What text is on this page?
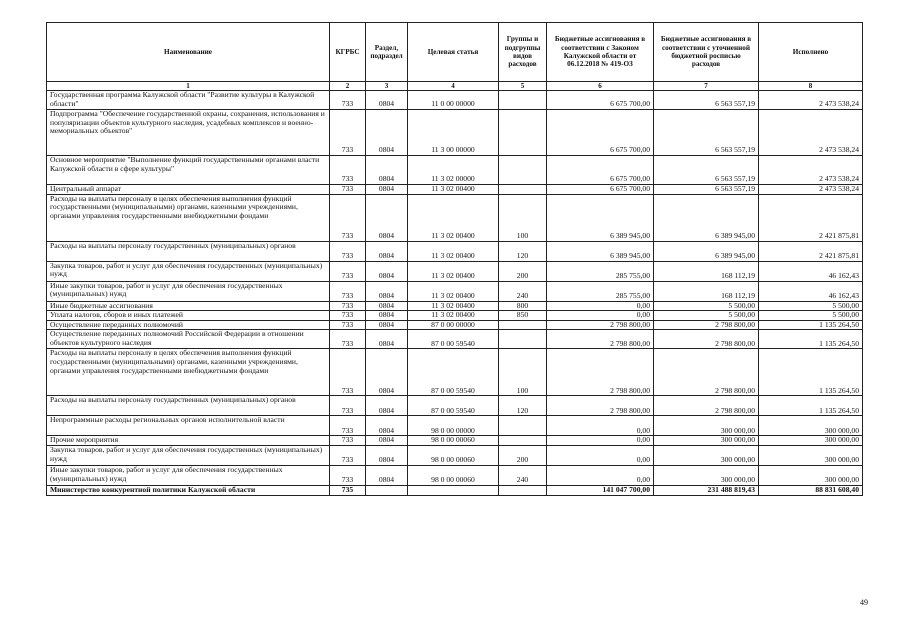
Наименование	КГРБС	Раздел, подраздел	Целевая статья	Группы и подгруппы видов расходов	Бюджетные ассигнования в соответствии с Законом Калужской области от 06.12.2018 № 419-ОЗ	Бюджетные ассигнования в соответствии с уточненной бюджетной росписью расходов	Исполнено
1	2	3	4	5	6	7	8
Государственная программа Калужской области "Развитие культуры в Калужской области"	733	0804	11 0 00 00000		6 675 700,00	6 563 557,19	2 473 538,24
Подпрограмма "Обеспечение государственной охраны, сохранения, использования и популяризации объектов культурного наследия, усадебных комплексов и военно-мемориальных объектов"	733	0804	11 3 00 00000		6 675 700,00	6 563 557,19	2 473 538,24
Основное мероприятие "Выполнение функций государственными органами власти Калужской области в сфере культуры"	733	0804	11 3 02 00000		6 675 700,00	6 563 557,19	2 473 538,24
Центральный аппарат	733	0804	11 3 02 00400		6 675 700,00	6 563 557,19	2 473 538,24
Расходы на выплаты персоналу в целях обеспечения выполнения функций государственными (муниципальными) органами, казенными учреждениями, органами управления государственными внебюджетными фондами	733	0804	11 3 02 00400	100	6 389 945,00	6 389 945,00	2 421 875,81
Расходы на выплаты персоналу государственных (муниципальных) органов	733	0804	11 3 02 00400	120	6 389 945,00	6 389 945,00	2 421 875,81
Закупка товаров, работ и услуг для обеспечения государственных (муниципальных) нужд	733	0804	11 3 02 00400	200	285 755,00	168 112,19	46 162,43
Иные закупки товаров, работ и услуг для обеспечения государственных (муниципальных) нужд	733	0804	11 3 02 00400	240	285 755,00	168 112,19	46 162,43
Иные бюджетные ассигнования	733	0804	11 3 02 00400	800	0,00	5 500,00	5 500,00
Уплата налогов, сборов и иных платежей	733	0804	11 3 02 00400	850	0,00	5 500,00	5 500,00
Осуществление переданных полномочий	733	0804	87 0 00 00000		2 798 800,00	2 798 800,00	1 135 264,50
Осуществление переданных полномочий Российской Федерации в отношении объектов культурного наследия	733	0804	87 0 00 59540		2 798 800,00	2 798 800,00	1 135 264,50
Расходы на выплаты персоналу в целях обеспечения выполнения функций государственными (муниципальными) органами, казенными учреждениями, органами управления государственными внебюджетными фондами	733	0804	87 0 00 59540	100	2 798 800,00	2 798 800,00	1 135 264,50
Расходы на выплаты персоналу государственных (муниципальных) органов	733	0804	87 0 00 59540	120	2 798 800,00	2 798 800,00	1 135 264,50
Непрограммные расходы региональных органов исполнительной власти	733	0804	98 0 00 00000		0,00	300 000,00	300 000,00
Прочие мероприятия	733	0804	98 0 00 00060		0,00	300 000,00	300 000,00
Закупка товаров, работ и услуг для обеспечения государственных (муниципальных) нужд	733	0804	98 0 00 00060	200	0,00	300 000,00	300 000,00
Иные закупки товаров, работ и услуг для обеспечения государственных (муниципальных) нужд	733	0804	98 0 00 00060	240	0,00	300 000,00	300 000,00
Министерство конкурентной политики Калужской области	735				141 047 700,00	231 488 819,43	88 831 608,40
49
